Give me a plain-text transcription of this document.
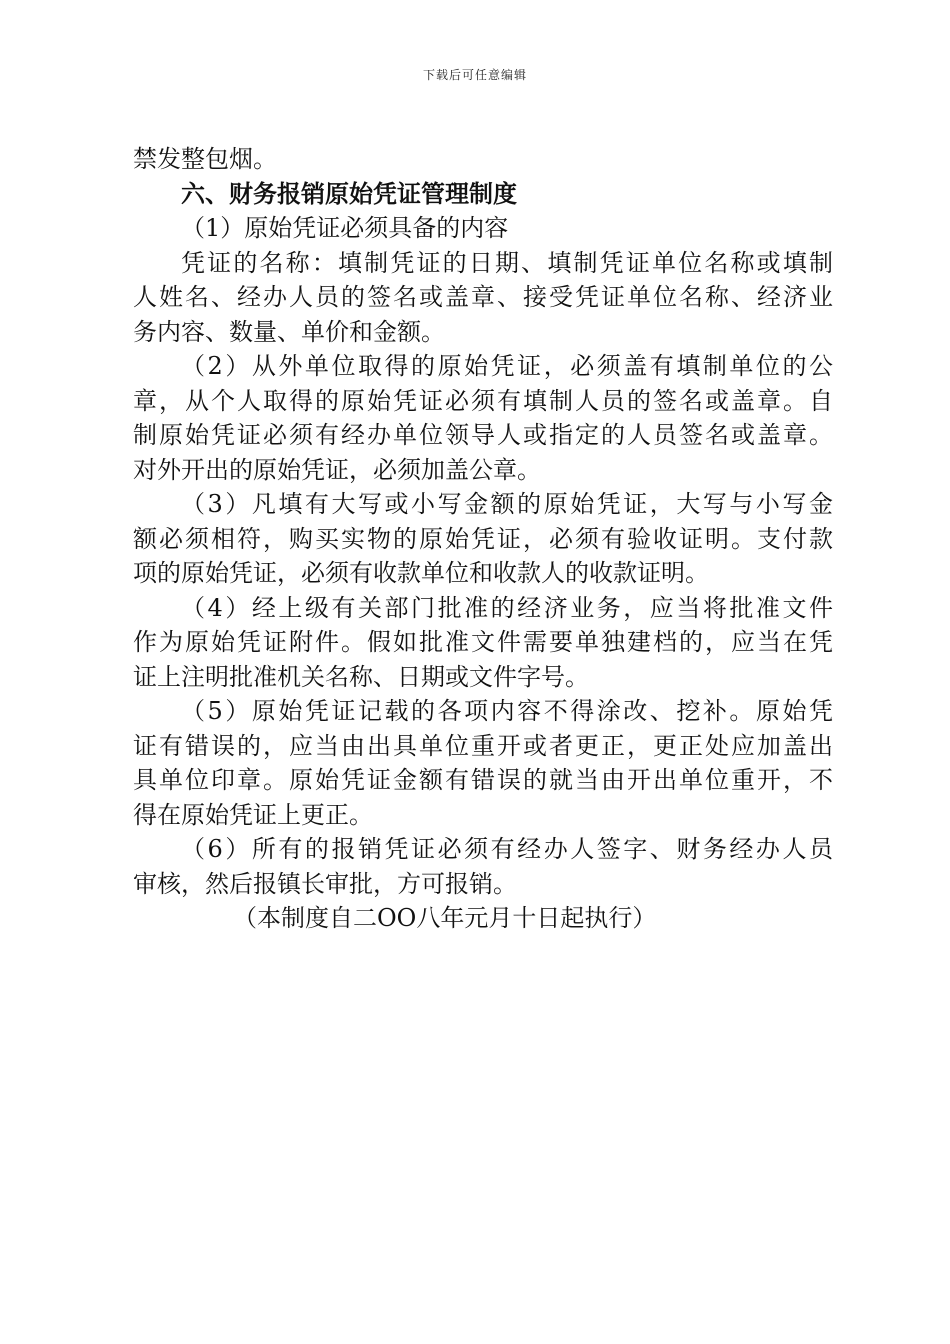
下载后可任意编辑
禁发整包烟。
六、财务报销原始凭证管理制度
（1）原始凭证必须具备的内容
凭证的名称：填制凭证的日期、填制凭证单位名称或填制
人姓名、经办人员的签名或盖章、接受凭证单位名称、经济业
务内容、数量、单价和金额。
（2）从外单位取得的原始凭证，必须盖有填制单位的公
章，从个人取得的原始凭证必须有填制人员的签名或盖章。自
制原始凭证必须有经办单位领导人或指定的人员签名或盖章。
对外开出的原始凭证，必须加盖公章。
（3）凡填有大写或小写金额的原始凭证，大写与小写金
额必须相符，购买实物的原始凭证，必须有验收证明。支付款
项的原始凭证，必须有收款单位和收款人的收款证明。
（4）经上级有关部门批准的经济业务，应当将批准文件
作为原始凭证附件。假如批准文件需要单独建档的，应当在凭
证上注明批准机关名称、日期或文件字号。
（5）原始凭证记载的各项内容不得涂改、挖补。原始凭
证有错误的，应当由出具单位重开或者更正，更正处应加盖出
具单位印章。原始凭证金额有错误的就当由开出单位重开，不
得在原始凭证上更正。
（6）所有的报销凭证必须有经办人签字、财务经办人员
审核，然后报镇长审批，方可报销。
（本制度自二OO八年元月十日起执行）
